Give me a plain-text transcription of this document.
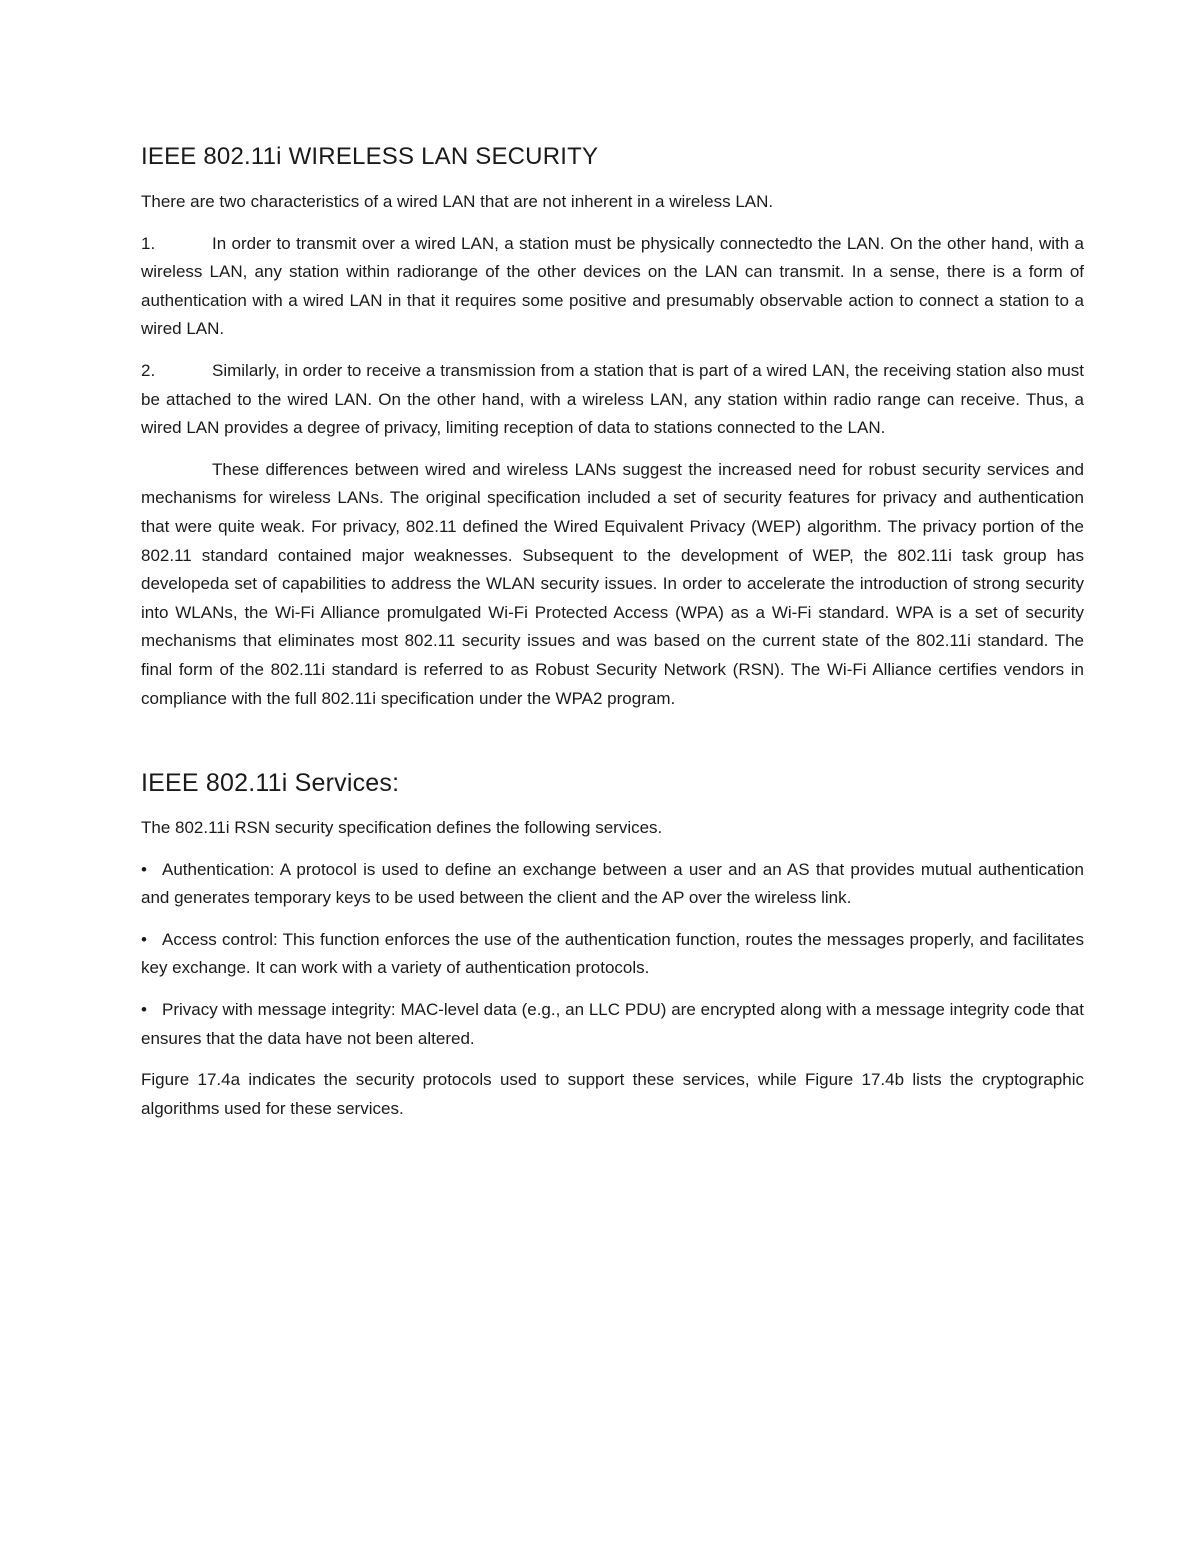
IEEE 802.11i WIRELESS LAN SECURITY

There are two characteristics of a wired LAN that are not inherent in a wireless LAN.

1.	In order to transmit over a wired LAN, a station must be physically connectedto the LAN. On the other hand, with a wireless LAN, any station within radiorange of the other devices on the LAN can transmit. In a sense, there is a form of authentication with a wired LAN in that it requires some positive and presumably observable action to connect a station to a wired LAN.

2.	Similarly, in order to receive a transmission from a station that is part of a wired LAN, the receiving station also must be attached to the wired LAN. On the other hand, with a wireless LAN, any station within radio range can receive. Thus, a wired LAN provides a degree of privacy, limiting reception of data to stations connected to the LAN.

These differences between wired and wireless LANs suggest the increased need for robust security services and mechanisms for wireless LANs. The original specification included a set of security features for privacy and authentication that were quite weak. For privacy, 802.11 defined the Wired Equivalent Privacy (WEP) algorithm. The privacy portion of the 802.11 standard contained major weaknesses. Subsequent to the development of WEP, the 802.11i task group has developeda set of capabilities to address the WLAN security issues. In order to accelerate the introduction of strong security into WLANs, the Wi-Fi Alliance promulgated Wi-Fi Protected Access (WPA) as a Wi-Fi standard. WPA is a set of security mechanisms that eliminates most 802.11 security issues and was based on the current state of the 802.11i standard. The final form of the 802.11i standard is referred to as Robust Security Network (RSN). The Wi-Fi Alliance certifies vendors in compliance with the full 802.11i specification under the WPA2 program.

IEEE 802.11i Services:

The 802.11i RSN security specification defines the following services.

• Authentication: A protocol is used to define an exchange between a user and an AS that provides mutual authentication and generates temporary keys to be used between the client and the AP over the wireless link.

• Access control: This function enforces the use of the authentication function, routes the messages properly, and facilitates key exchange. It can work with a variety of authentication protocols.

• Privacy with message integrity: MAC-level data (e.g., an LLC PDU) are encrypted along with a message integrity code that ensures that the data have not been altered.

Figure 17.4a indicates the security protocols used to support these services, while Figure 17.4b lists the cryptographic algorithms used for these services.
